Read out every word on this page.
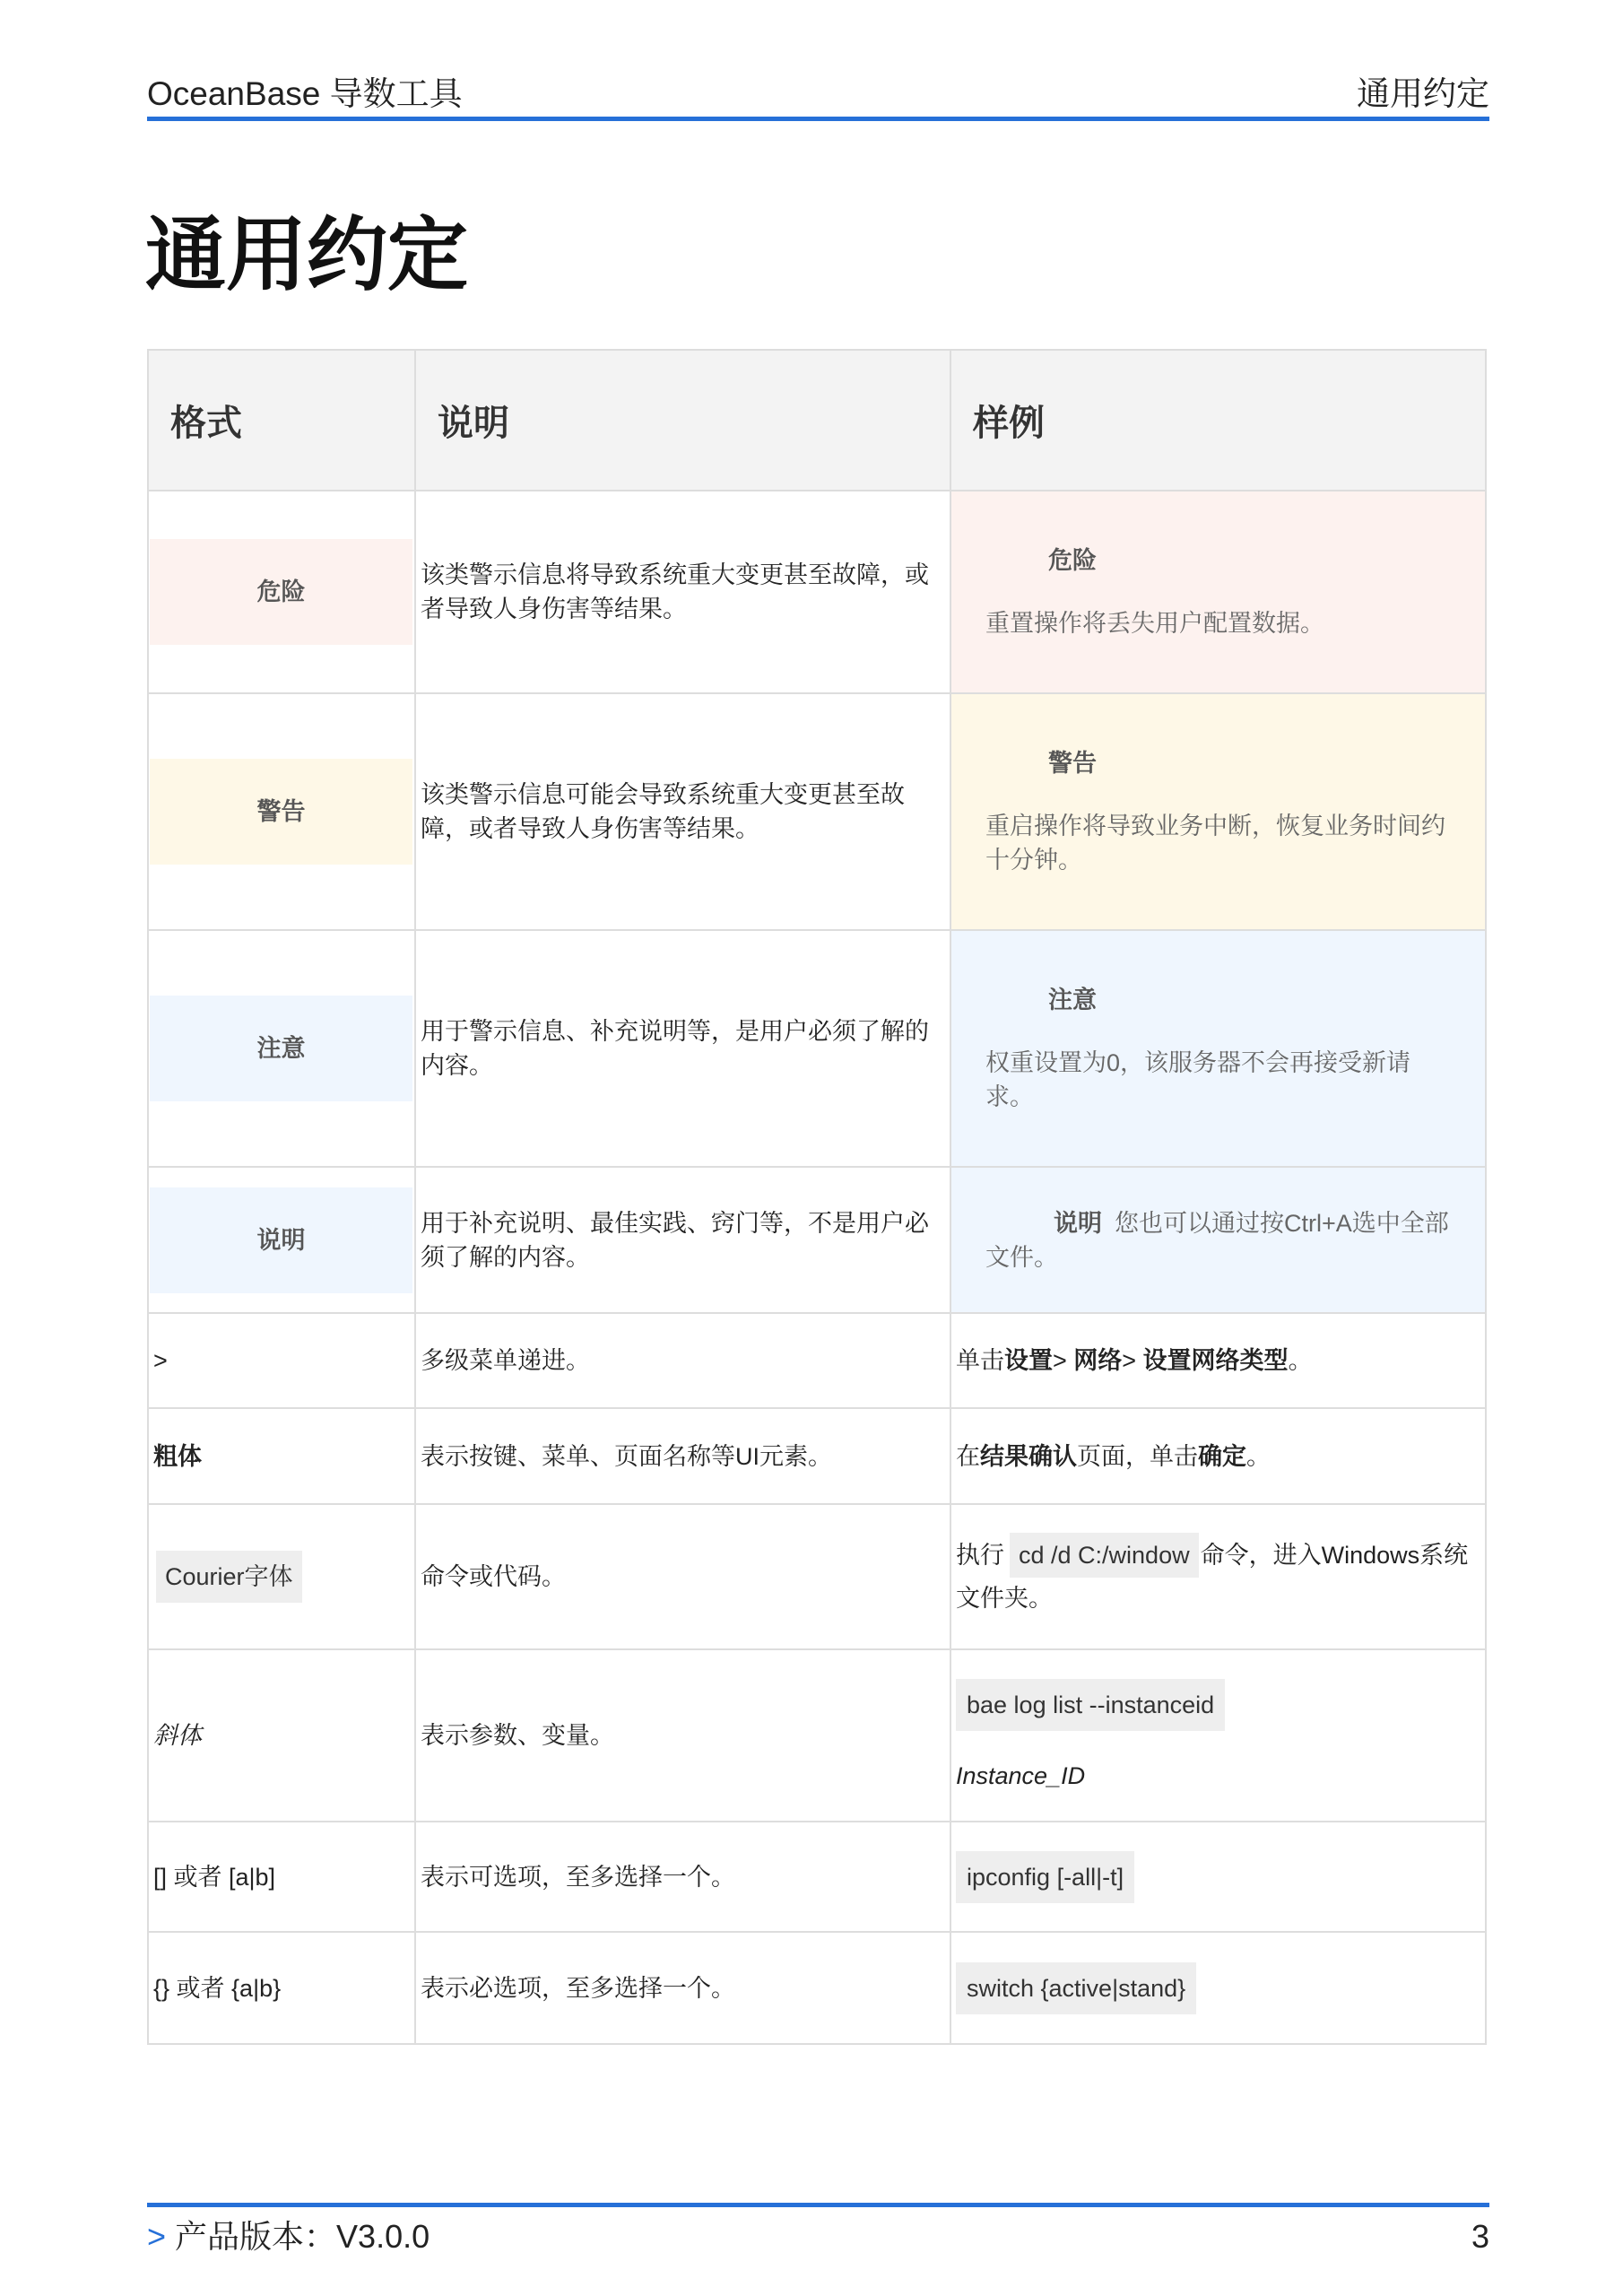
OceanBase 导数工具	通用约定
通用约定
格式	说明	样例

危险	该类警示信息将导致系统重大变更甚至故障，或者导致人身伤害等结果。	危险
重置操作将丢失用户配置数据。

警告	该类警示信息可能会导致系统重大变更甚至故障，或者导致人身伤害等结果。	警告
重启操作将导致业务中断，恢复业务时间约十分钟。

注意	用于警示信息、补充说明等，是用户必须了解的内容。	注意
权重设置为0，该服务器不会再接受新请求。

说明	用于补充说明、最佳实践、窍门等，不是用户必须了解的内容。	说明 您也可以通过按Ctrl+A选中全部文件。

>	多级菜单递进。	单击设置> 网络> 设置网络类型。
粗体	表示按键、菜单、页面名称等UI元素。	在结果确认页面，单击确定。
Courier字体	命令或代码。	执行 cd /d C:/window 命令，进入Windows系统文件夹。
斜体	表示参数、变量。	bae log list --instanceid
Instance_ID

[] 或者 [a|b]	表示可选项，至多选择一个。	ipconfig [-all|-t]
{} 或者 {a|b}	表示必选项，至多选择一个。	switch {active|stand}
> 产品版本：V3.0.0	3
